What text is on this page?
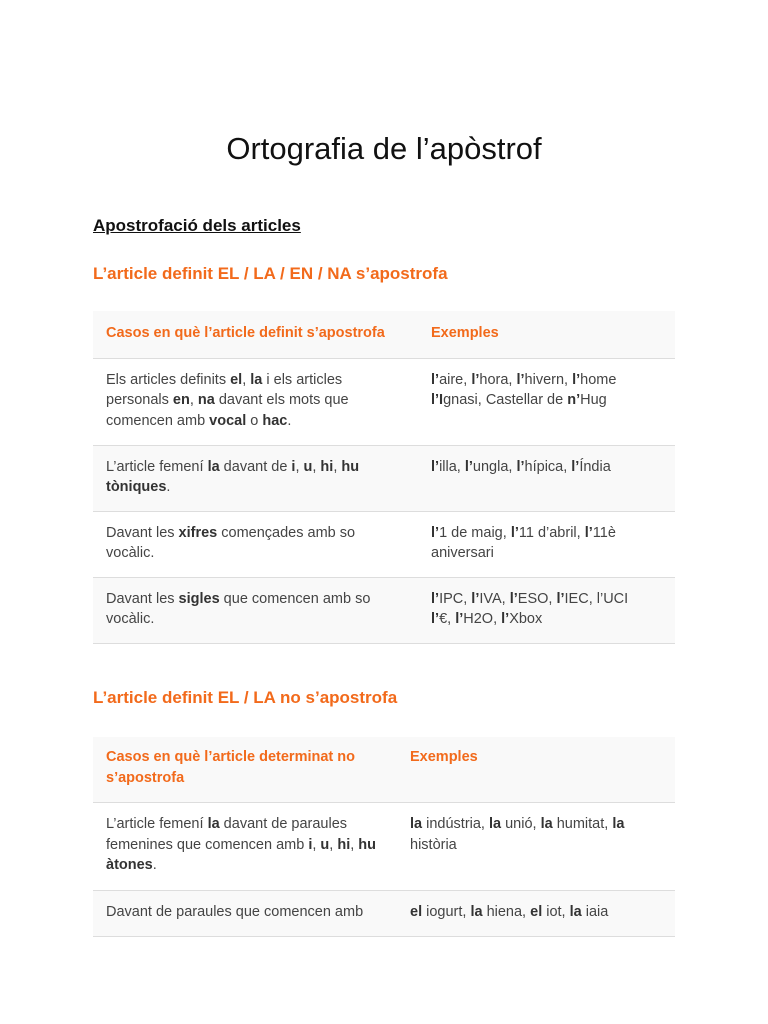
Ortografia de l’apòstrof
Apostrofació dels articles
L’article definit EL / LA / EN / NA s’apostrofa
Casos en què l’article definit s’apostrofa	Exemples
Els articles definits el, la i els articles personals en, na davant els mots que comencen amb vocal o hac.	l’aire, l’hora, l’hivern, l’home
l’Ignasi, Castellar de n’Hug
L’article femení la davant de i, u, hi, hu tòniques.	l’illa, l’ungla, l’hípica, l’Índia
Davant les xifres començades amb so vocàlic.	l’1 de maig, l’11 d’abril, l’11è aniversari
Davant les sigles que comencen amb so vocàlic.	l’IPC, l’IVA, l’ESO, l’IEC, l’UCI
l’€, l’H2O, l’Xbox
L’article definit EL / LA no s’apostrofa
Casos en què l’article determinat no s’apostrofa	Exemples
L’article femení la davant de paraules femenines que comencen amb i, u, hi, hu àtones.	la indústria, la unió, la humitat, la història
Davant de paraules que comencen amb	el iogurt, la hiena, el iot, la iaia
